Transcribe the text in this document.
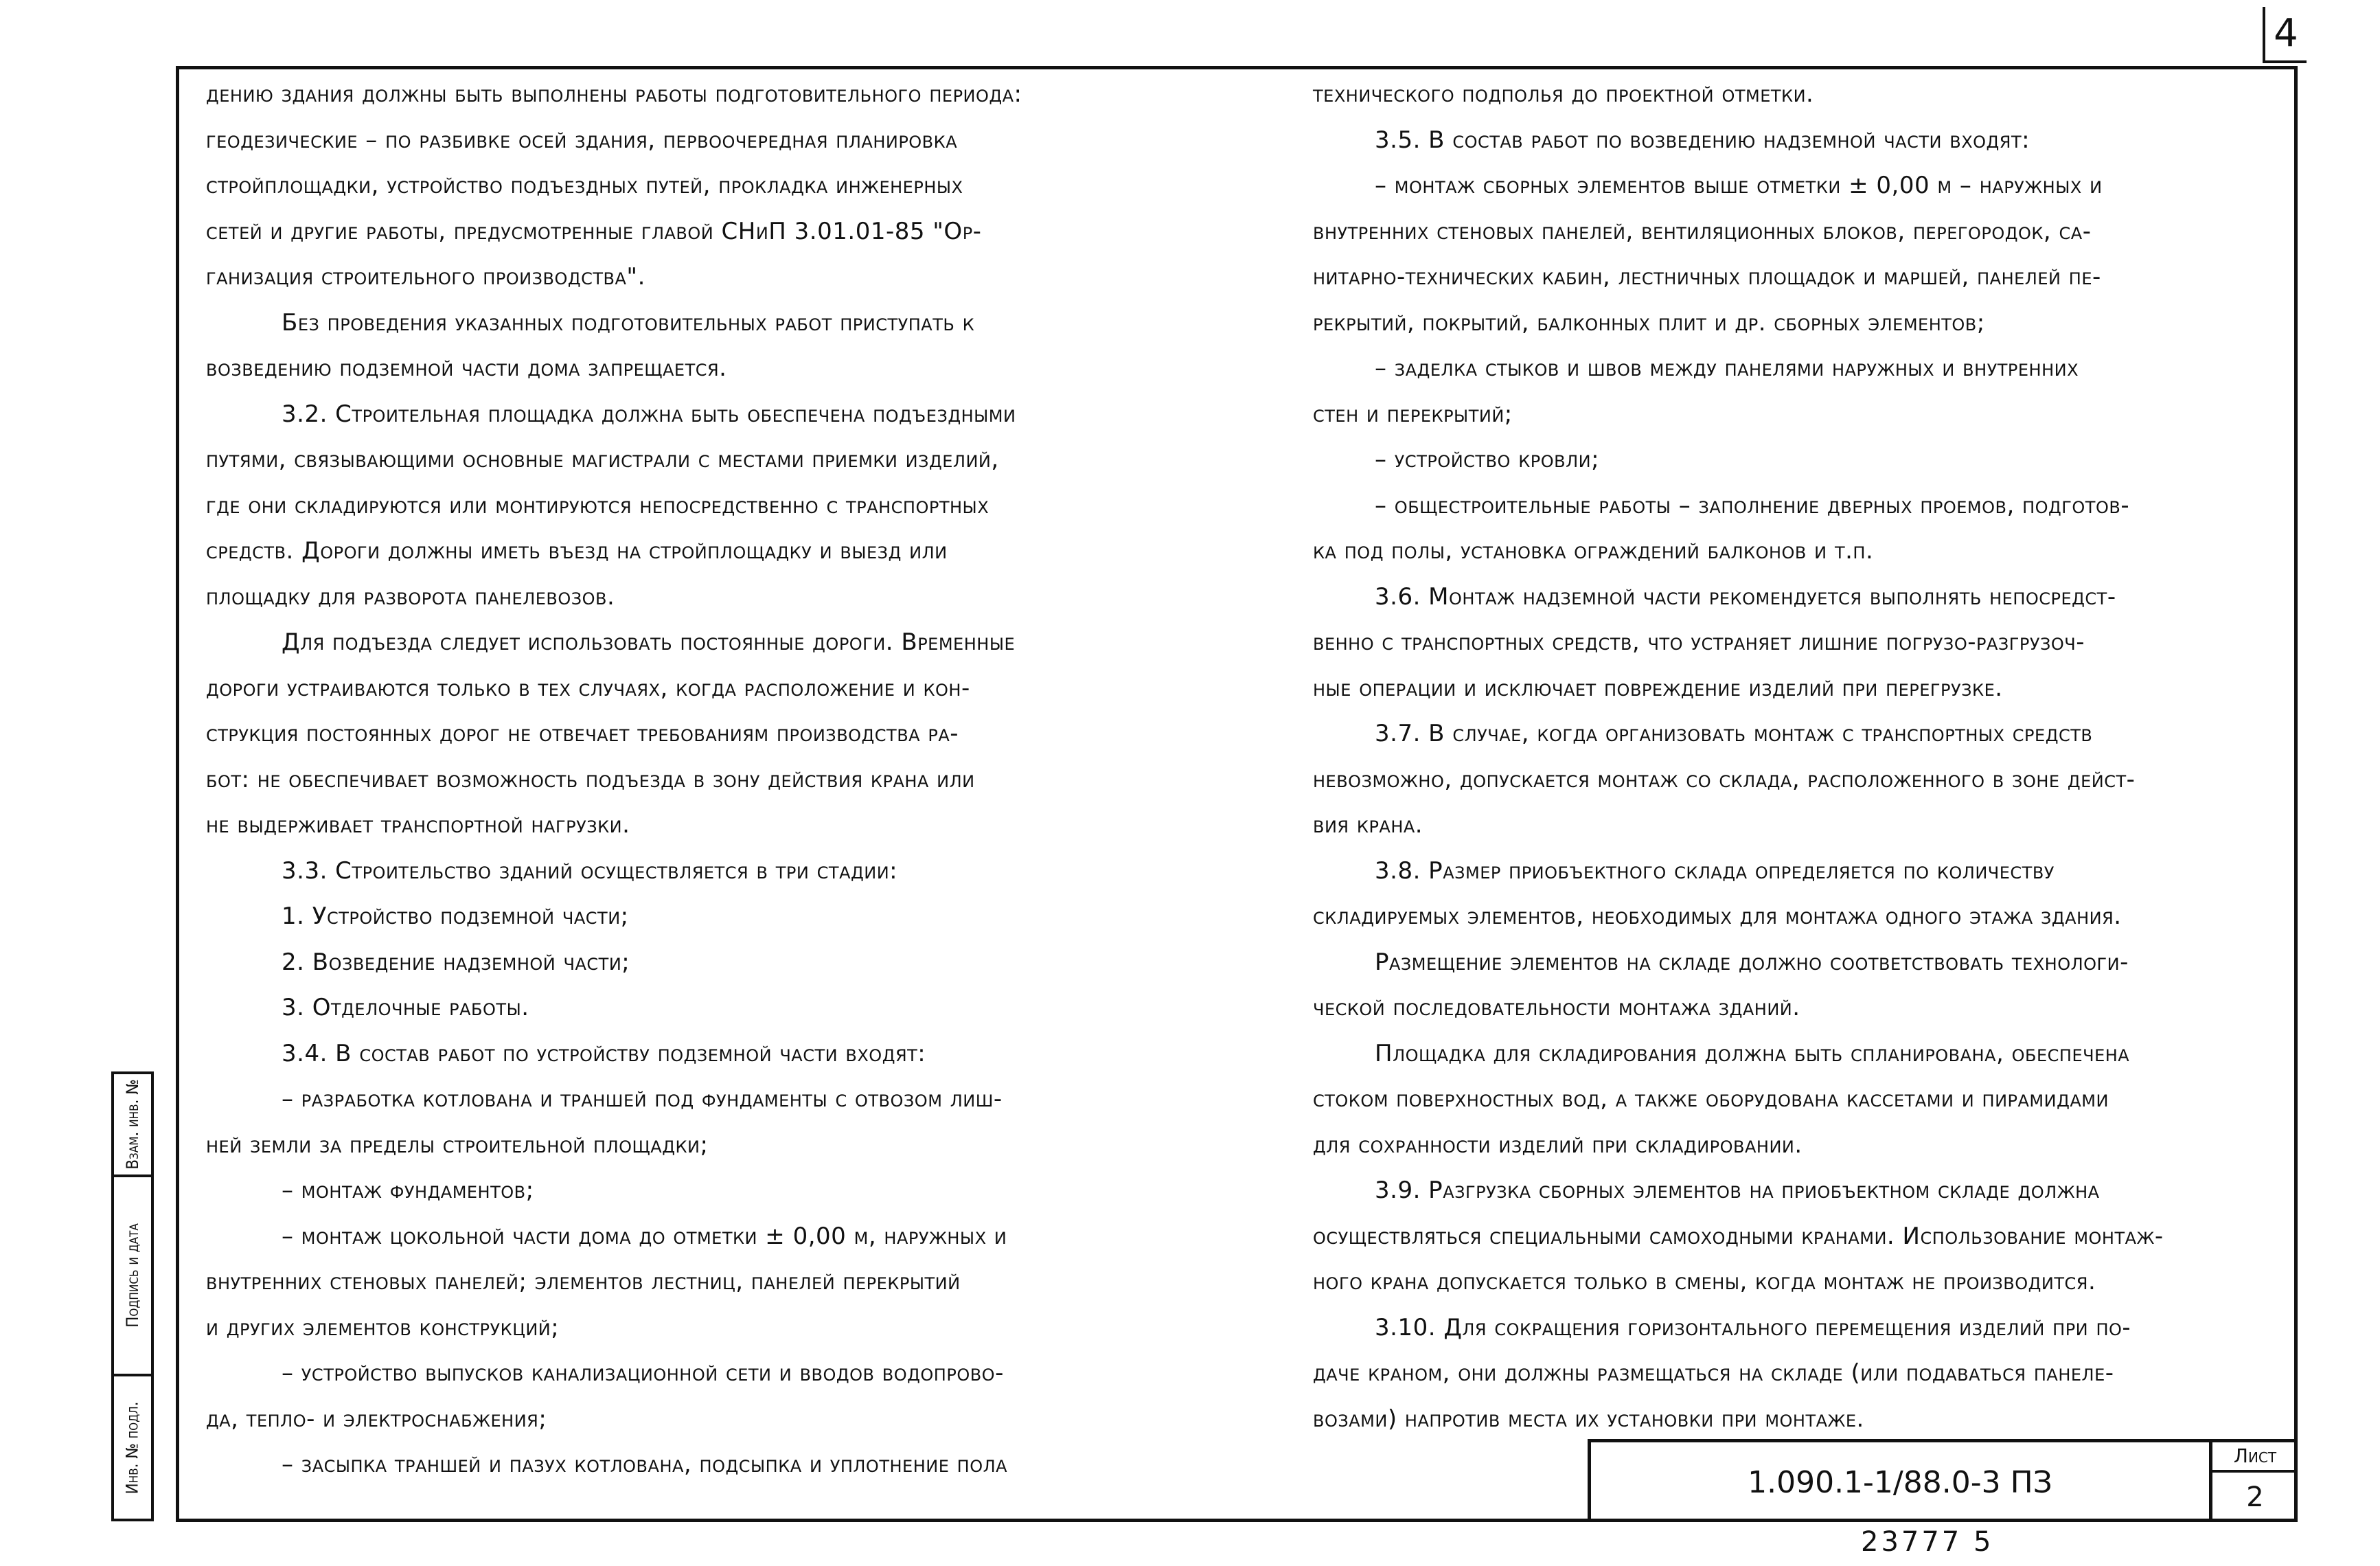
4

дению здания должны быть выполнены работы подготовительного периода:

геодезические – по разбивке осей здания, первоочередная планировка

стройплощадки, устройство подъездных путей, прокладка инженерных

сетей и другие работы, предусмотренные главой СНиП 3.01.01-85 "Ор-

ганизация строительного производства".

Без проведения указанных подготовительных работ приступать к

возведению подземной части дома запрещается.

3.2. Строительная площадка должна быть обеспечена подъездными

путями, связывающими основные магистрали с местами приемки изделий,

где они складируются или монтируются непосредственно с транспортных

средств. Дороги должны иметь въезд на стройплощадку и выезд или

площадку для разворота панелевозов.

Для подъезда следует использовать постоянные дороги. Временные

дороги устраиваются только в тех случаях, когда расположение и кон-

струкция постоянных дорог не отвечает требованиям производства ра-

бот: не обеспечивает возможность подъезда в зону действия крана или

не выдерживает транспортной нагрузки.

3.3. Строительство зданий осуществляется в три стадии:

1. Устройство подземной части;

2. Возведение надземной части;

3. Отделочные работы.

3.4. В состав работ по устройству подземной части входят:

– разработка котлована и траншей под фундаменты с отвозом лиш-

ней земли за пределы строительной площадки;

– монтаж фундаментов;

– монтаж цокольной части дома до отметки ± 0,00 м, наружных и

внутренних стеновых панелей; элементов лестниц, панелей перекрытий

и других элементов конструкций;

– устройство выпусков канализационной сети и вводов водопрово-

да, тепло- и электроснабжения;

– засыпка траншей и пазух котлована, подсыпка и уплотнение пола

технического подполья до проектной отметки.

3.5. В состав работ по возведению надземной части входят:

– монтаж сборных элементов выше отметки ± 0,00 м – наружных и

внутренних стеновых панелей, вентиляционных блоков, перегородок, са-

нитарно-технических кабин, лестничных площадок и маршей, панелей пе-

рекрытий, покрытий, балконных плит и др. сборных элементов;

– заделка стыков и швов между панелями наружных и внутренних

стен и перекрытий;

– устройство кровли;

– общестроительные работы – заполнение дверных проемов, подготов-

ка под полы, установка ограждений балконов и т.п.

3.6. Монтаж надземной части рекомендуется выполнять непосредст-

венно с транспортных средств, что устраняет лишние погрузо-разгрузоч-

ные операции и исключает повреждение изделий при перегрузке.

3.7. В случае, когда организовать монтаж с транспортных средств

невозможно, допускается монтаж со склада, расположенного в зоне дейст-

вия крана.

3.8. Размер приобъектного склада определяется по количеству

складируемых элементов, необходимых для монтажа одного этажа здания.

Размещение элементов на складе должно соответствовать технологи-

ческой последовательности монтажа зданий.

Площадка для складирования должна быть спланирована, обеспечена

стоком поверхностных вод, а также оборудована кассетами и пирамидами

для сохранности изделий при складировании.

3.9. Разгрузка сборных элементов на приобъектном складе должна

осуществляться специальными самоходными кранами. Использование монтаж-

ного крана допускается только в смены, когда монтаж не производится.

3.10. Для сокращения горизонтального перемещения изделий при по-

даче краном, они должны размещаться на складе (или подаваться панеле-

возами) напротив места их установки при монтаже.

Взам. инв. №
Подпись и дата
Инв. № подл.	1.090.1-1/88.0-3 ПЗ
Лист
2
23777 5
